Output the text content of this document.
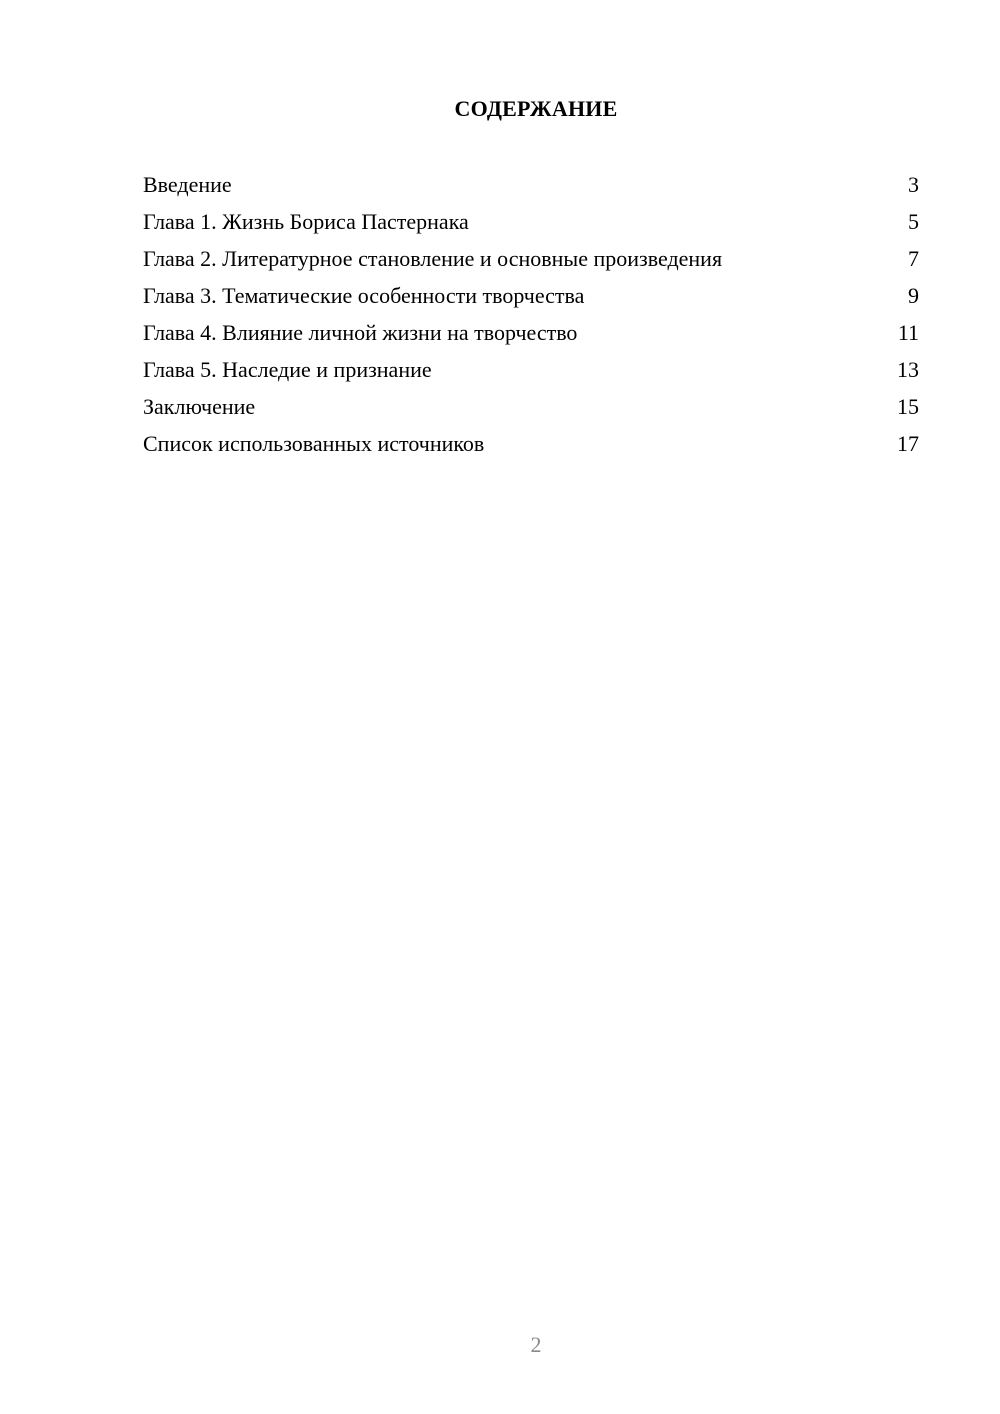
СОДЕРЖАНИЕ
Введение	3
Глава 1. Жизнь Бориса Пастернака	5
Глава 2. Литературное становление и основные произведения	7
Глава 3. Тематические особенности творчества	9
Глава 4. Влияние личной жизни на творчество	11
Глава 5. Наследие и признание	13
Заключение	15
Список использованных источников	17
2
